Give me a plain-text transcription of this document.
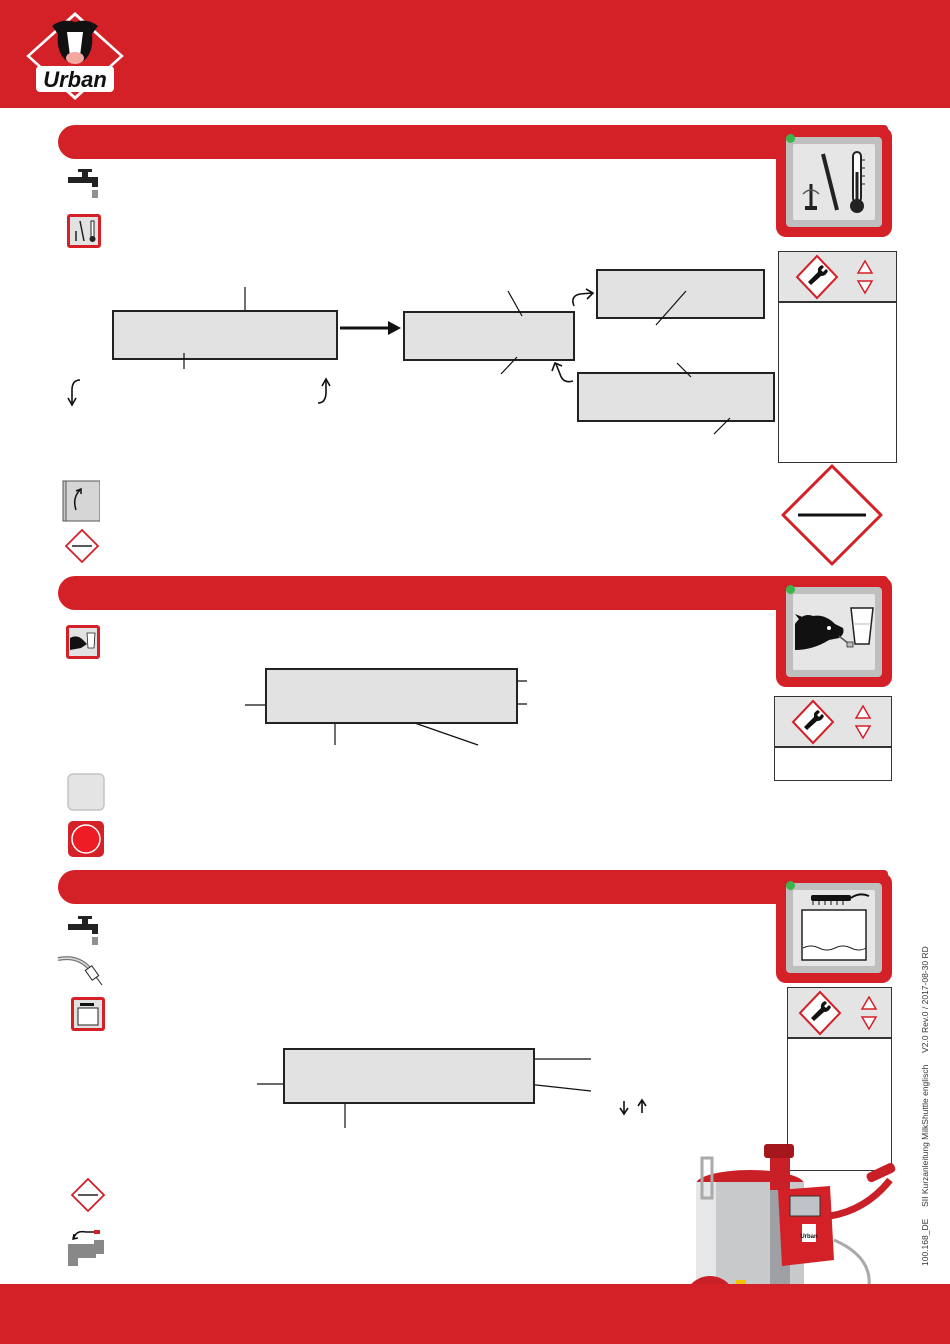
Urban
Urban	100.168_DE     SII Kurzanleitung MilkShuttle englisch     V2.0 Rev.0 / 2017-08-30 RD
